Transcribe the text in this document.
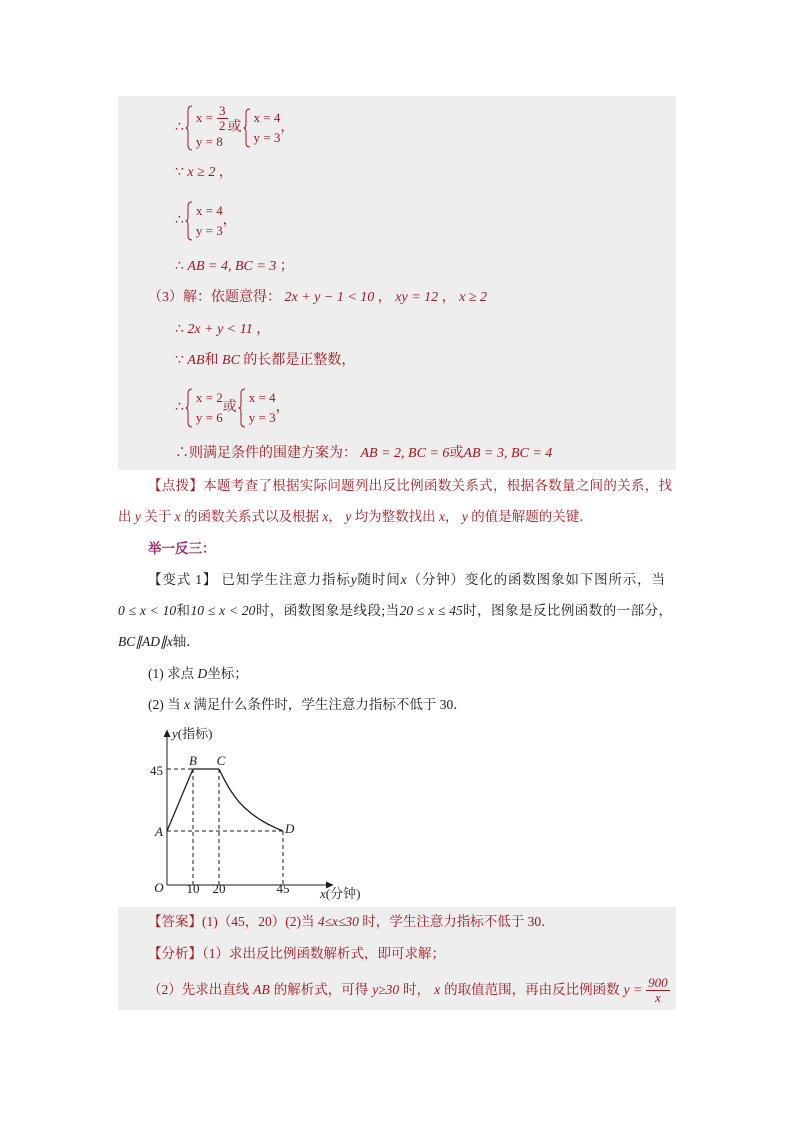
∴
$x = \frac{3}{2}$
y = 8
或
x = 4
y = 3
，
∵ x ≥ 2 ，
∴
x = 4
y = 3
，
∴ AB = 4, BC = 3 ；
（3）解：依题意得： 2x + y − 1 < 10 ， xy = 12 ， x ≥ 2
∴ 2x + y < 11 ，
∵ AB和 BC 的长都是正整数，
∴
x = 2
y = 6
或
x = 4
y = 3
，
∴则满足条件的围建方案为： AB = 2, BC = 6或AB = 3, BC = 4
【点拨】本题考查了根据实际问题列出反比例函数关系式，根据各数量之间的关系，找
出 y 关于 x 的函数关系式以及根据 x， y 均为整数找出 x， y 的值是解题的关键．
举一反三：
【变式 1】 已知学生注意力指标y随时间x（分钟）变化的函数图象如下图所示，当
0 ≤ x < 10和10 ≤ x < 20时，函数图象是线段;当20 ≤ x ≤ 45时，图象是反比例函数的一部分，
BC∥AD∥x轴．
(1) 求点 D坐标；
(2) 当 x 满足什么条件时，学生注意力指标不低于 30．
y(指标)
x(分钟)
O 10 20	45
45
A
B C
D
【答案】(1)（45，20）(2)当 4≤x≤30 时，学生注意力指标不低于 30．
【分析】（1）求出反比例函数解析式，即可求解；
（2）先求出直线 AB 的解析式，可得 y≥30 时， x 的取值范围，再由反比例函数 $y = \frac{900}{x}$
